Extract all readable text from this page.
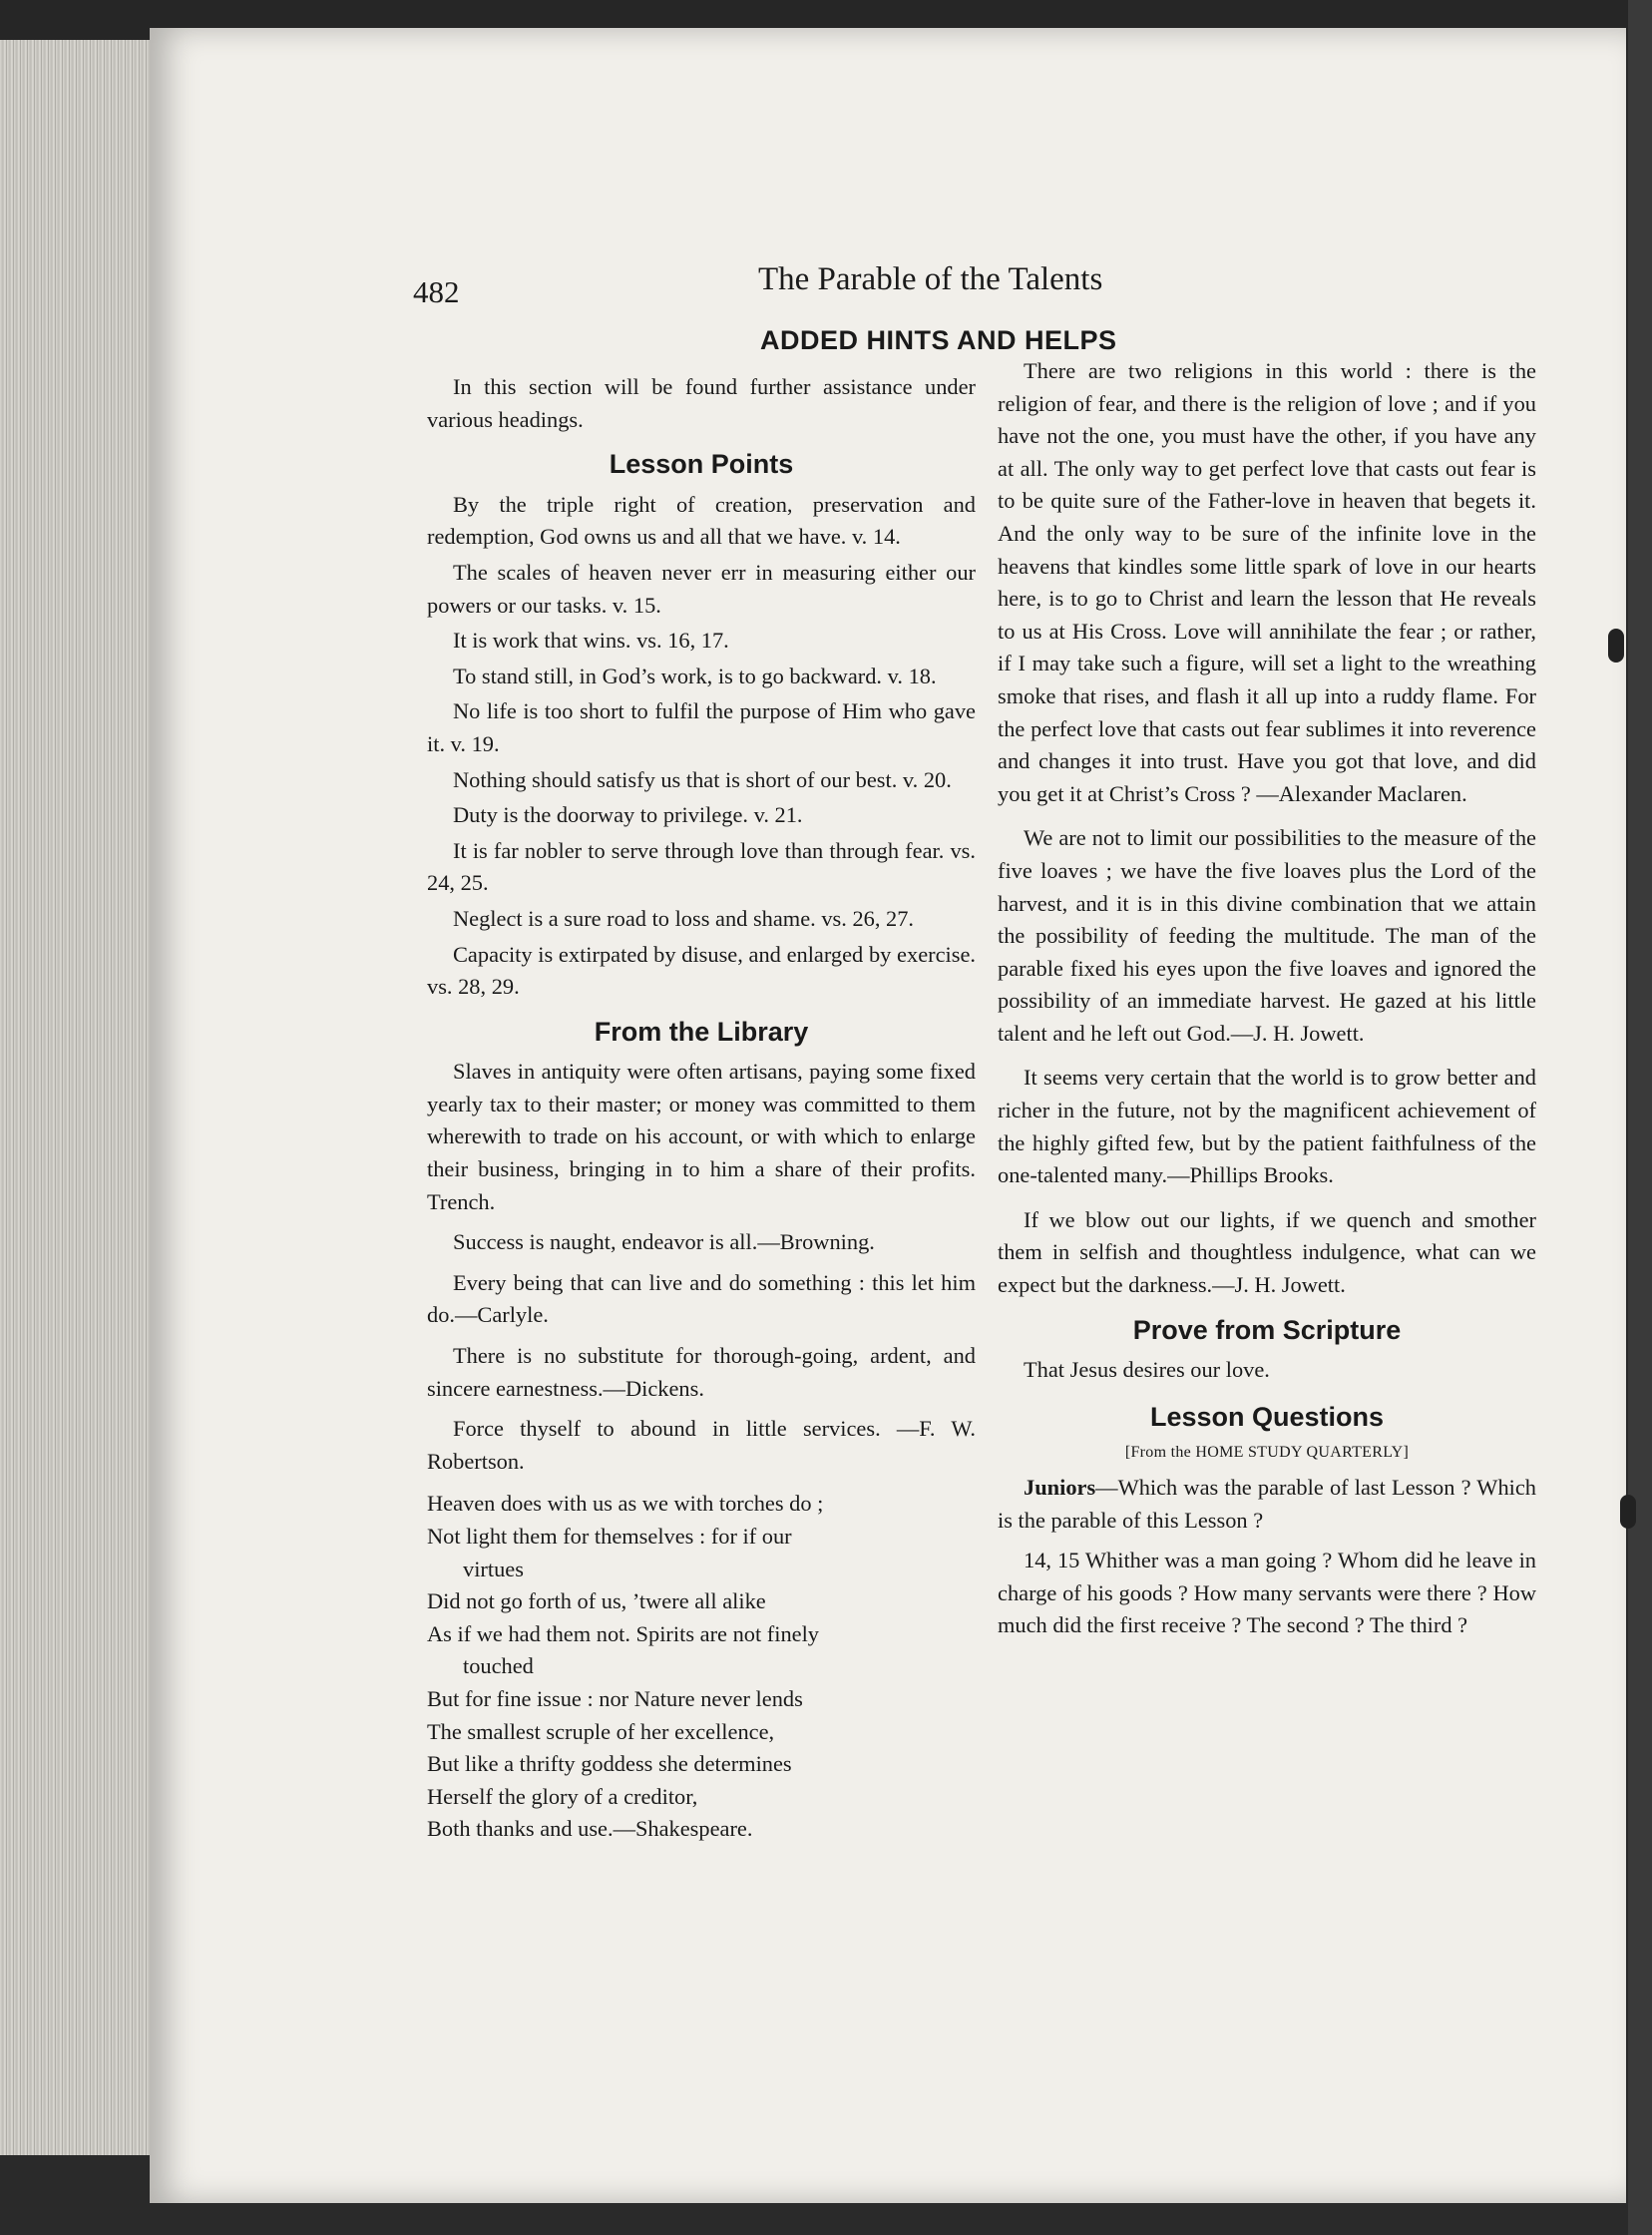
482	The Parable of the Talents
ADDED HINTS AND HELPS

In this section will be found further assistance under various headings.

Lesson Points

By the triple right of creation, preservation and redemption, God owns us and all that we have. v. 14.

The scales of heaven never err in measuring either our powers or our tasks. v. 15.

It is work that wins. vs. 16, 17.

To stand still, in God’s work, is to go backward. v. 18.

No life is too short to fulfil the purpose of Him who gave it. v. 19.

Nothing should satisfy us that is short of our best. v. 20.

Duty is the doorway to privilege. v. 21.

It is far nobler to serve through love than through fear. vs. 24, 25.

Neglect is a sure road to loss and shame. vs. 26, 27.

Capacity is extirpated by disuse, and enlarged by exercise. vs. 28, 29.

From the Library

Slaves in antiquity were often artisans, paying some fixed yearly tax to their master; or money was committed to them wherewith to trade on his account, or with which to enlarge their business, bringing in to him a share of their profits. Trench.

Success is naught, endeavor is all.—Browning.

Every being that can live and do something : this let him do.—Carlyle.

There is no substitute for thorough-going, ardent, and sincere earnestness.—Dickens.

Force thyself to abound in little services. —F. W. Robertson.

Heaven does with us as we with torches do ;
Not light them for themselves : for if our
virtues
Did not go forth of us, ’twere all alike
As if we had them not. Spirits are not finely
touched
But for fine issue : nor Nature never lends
The smallest scruple of her excellence,
But like a thrifty goddess she determines
Herself the glory of a creditor,
Both thanks and use.—Shakespeare.

There are two religions in this world : there is the religion of fear, and there is the religion of love ; and if you have not the one, you must have the other, if you have any at all. The only way to get perfect love that casts out fear is to be quite sure of the Father-love in heaven that begets it. And the only way to be sure of the infinite love in the heavens that kindles some little spark of love in our hearts here, is to go to Christ and learn the lesson that He reveals to us at His Cross. Love will annihilate the fear ; or rather, if I may take such a figure, will set a light to the wreathing smoke that rises, and flash it all up into a ruddy flame. For the perfect love that casts out fear sublimes it into reverence and changes it into trust. Have you got that love, and did you get it at Christ’s Cross ? —Alexander Maclaren.

We are not to limit our possibilities to the measure of the five loaves ; we have the five loaves plus the Lord of the harvest, and it is in this divine combination that we attain the possibility of feeding the multitude. The man of the parable fixed his eyes upon the five loaves and ignored the possibility of an immediate harvest. He gazed at his little talent and he left out God.—J. H. Jowett.

It seems very certain that the world is to grow better and richer in the future, not by the magnificent achievement of the highly gifted few, but by the patient faithfulness of the one-talented many.—Phillips Brooks.

If we blow out our lights, if we quench and smother them in selfish and thoughtless indulgence, what can we expect but the darkness.—J. H. Jowett.

Prove from Scripture

That Jesus desires our love.

Lesson Questions
[From the HOME STUDY QUARTERLY]

Juniors—Which was the parable of last Lesson ? Which is the parable of this Lesson ?

14, 15 Whither was a man going ? Whom did he leave in charge of his goods ? How many servants were there ? How much did the first receive ? The second ? The third ?
